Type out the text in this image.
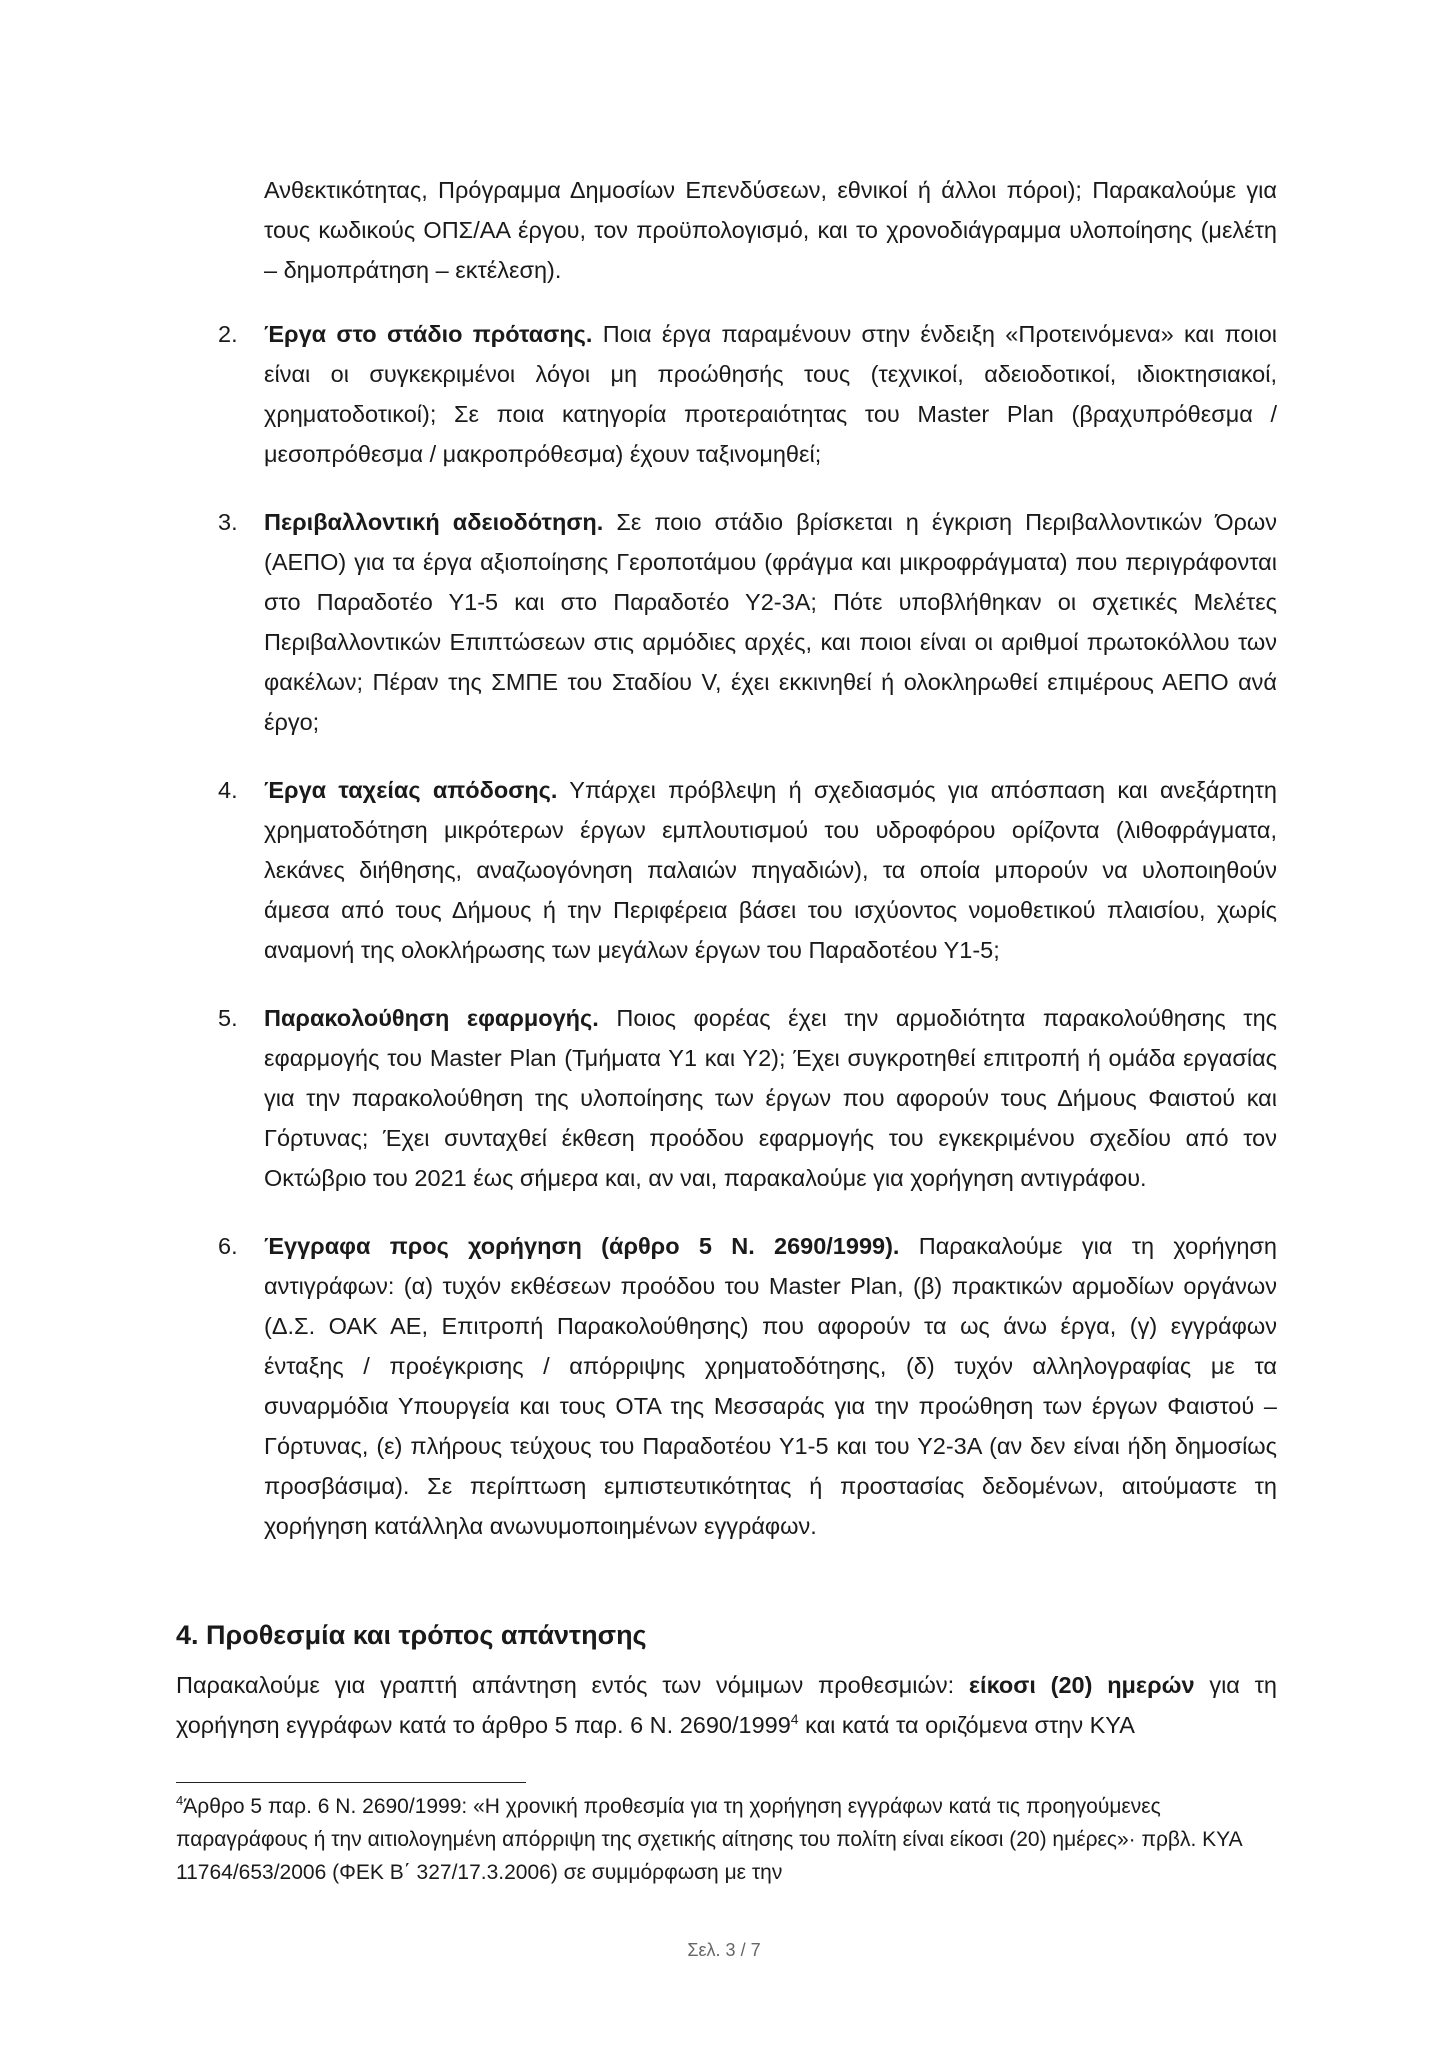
Ανθεκτικότητας, Πρόγραμμα Δημοσίων Επενδύσεων, εθνικοί ή άλλοι πόροι); Παρακαλούμε για τους κωδικούς ΟΠΣ/ΑΑ έργου, τον προϋπολογισμό, και το χρονοδιάγραμμα υλοποίησης (μελέτη – δημοπράτηση – εκτέλεση).

2. Έργα στο στάδιο πρότασης. Ποια έργα παραμένουν στην ένδειξη «Προτεινόμενα» και ποιοι είναι οι συγκεκριμένοι λόγοι μη προώθησής τους (τεχνικοί, αδειοδοτικοί, ιδιοκτησιακοί, χρηματοδοτικοί); Σε ποια κατηγορία προτεραιότητας του Master Plan (βραχυπρόθεσμα / μεσοπρόθεσμα / μακροπρόθεσμα) έχουν ταξινομηθεί;
3. Περιβαλλοντική αδειοδότηση. Σε ποιο στάδιο βρίσκεται η έγκριση Περιβαλλοντικών Όρων (ΑΕΠΟ) για τα έργα αξιοποίησης Γεροποτάμου (φράγμα και μικροφράγματα) που περιγράφονται στο Παραδοτέο Υ1-5 και στο Παραδοτέο Υ2-3Α; Πότε υποβλήθηκαν οι σχετικές Μελέτες Περιβαλλοντικών Επιπτώσεων στις αρμόδιες αρχές, και ποιοι είναι οι αριθμοί πρωτοκόλλου των φακέλων; Πέραν της ΣΜΠΕ του Σταδίου V, έχει εκκινηθεί ή ολοκληρωθεί επιμέρους ΑΕΠΟ ανά έργο;
4. Έργα ταχείας απόδοσης. Υπάρχει πρόβλεψη ή σχεδιασμός για απόσπαση και ανεξάρτητη χρηματοδότηση μικρότερων έργων εμπλουτισμού του υδροφόρου ορίζοντα (λιθοφράγματα, λεκάνες διήθησης, αναζωογόνηση παλαιών πηγαδιών), τα οποία μπορούν να υλοποιηθούν άμεσα από τους Δήμους ή την Περιφέρεια βάσει του ισχύοντος νομοθετικού πλαισίου, χωρίς αναμονή της ολοκλήρωσης των μεγάλων έργων του Παραδοτέου Υ1-5;
5. Παρακολούθηση εφαρμογής. Ποιος φορέας έχει την αρμοδιότητα παρακολούθησης της εφαρμογής του Master Plan (Τμήματα Υ1 και Υ2); Έχει συγκροτηθεί επιτροπή ή ομάδα εργασίας για την παρακολούθηση της υλοποίησης των έργων που αφορούν τους Δήμους Φαιστού και Γόρτυνας; Έχει συνταχθεί έκθεση προόδου εφαρμογής του εγκεκριμένου σχεδίου από τον Οκτώβριο του 2021 έως σήμερα και, αν ναι, παρακαλούμε για χορήγηση αντιγράφου.
6. Έγγραφα προς χορήγηση (άρθρο 5 Ν. 2690/1999). Παρακαλούμε για τη χορήγηση αντιγράφων: (α) τυχόν εκθέσεων προόδου του Master Plan, (β) πρακτικών αρμοδίων οργάνων (Δ.Σ. ΟΑΚ ΑΕ, Επιτροπή Παρακολούθησης) που αφορούν τα ως άνω έργα, (γ) εγγράφων ένταξης / προέγκρισης / απόρριψης χρηματοδότησης, (δ) τυχόν αλληλογραφίας με τα συναρμόδια Υπουργεία και τους ΟΤΑ της Μεσσαράς για την προώθηση των έργων Φαιστού – Γόρτυνας, (ε) πλήρους τεύχους του Παραδοτέου Υ1-5 και του Υ2-3Α (αν δεν είναι ήδη δημοσίως προσβάσιμα). Σε περίπτωση εμπιστευτικότητας ή προστασίας δεδομένων, αιτούμαστε τη χορήγηση κατάλληλα ανωνυμοποιημένων εγγράφων.
4. Προθεσμία και τρόπος απάντησης

Παρακαλούμε για γραπτή απάντηση εντός των νόμιμων προθεσμιών: είκοσι (20) ημερών για τη χορήγηση εγγράφων κατά το άρθρο 5 παρ. 6 Ν. 2690/1999$^4$ και κατά τα οριζόμενα στην ΚΥΑ

$^4$Άρθρο 5 παρ. 6 Ν. 2690/1999: «Η χρονική προθεσμία για τη χορήγηση εγγράφων κατά τις προηγούμενες παραγράφους ή την αιτιολογημένη απόρριψη της σχετικής αίτησης του πολίτη είναι είκοσι (20) ημέρες»· πρβλ. ΚΥΑ 11764/653/2006 (ΦΕΚ Β΄ 327/17.3.2006) σε συμμόρφωση με την

Σελ. 3 / 7
